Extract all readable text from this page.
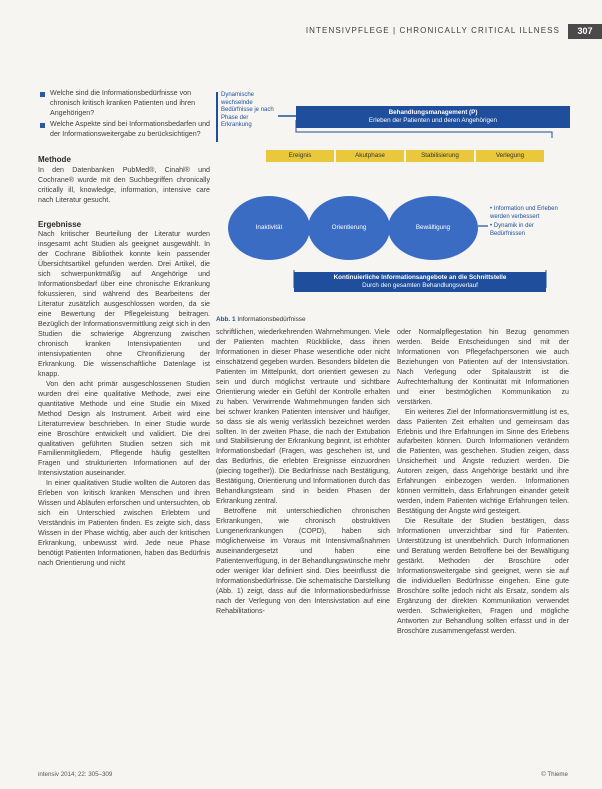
INTENSIVPFLEGE | CHRONICALLY CRITICAL ILLNESS	307
Welche sind die Informationsbedürfnisse von chronisch kritisch kranken Patienten und ihren Angehörigen?
Welche Aspekte sind bei Informationsbedarfen und der Informationsweitergabe zu berücksichtigen?
Methode

In den Datenbanken PubMed®, Cinahl® und Cochrane® wurde mit den Suchbegriffen chronically critically ill, knowledge, information, intensive care nach Literatur gesucht.

Ergebnisse

Nach kritischer Beurteilung der Literatur wurden insgesamt acht Studien als geeignet ausgewählt. In der Cochrane Bibliothek konnte kein passender Übersichtsartikel gefunden werden. Drei Artikel, die sich schwerpunktmäßig auf Angehörige und Informationsbedarf über eine chronische Erkrankung fokussieren, sind während des Bearbeitens der Literatur zusätzlich ausgeschlossen worden, da sie eine Bewertung der Pflegeleistung beitragen. Bezüglich der Informationsvermittlung zeigt sich in den Studien die schwierige Abgrenzung zwischen chronisch kranken Intensivpatienten und intensivpatienten ohne Chronifizierung der Erkrankung. Die wissenschaftliche Datenlage ist knapp.

Von den acht primär ausgeschlossenen Studien wurden drei eine qualitative Methode, zwei eine quantitative Methode und eine Studie ein Mixed Method Design als Instrument. Arbeit wird eine Literaturreview beschrieben. In einer Studie wurde eine Broschüre entwickelt und validiert. Die drei qualitativen geführten Studien setzen sich mit Familienmitgliedern, Pflegende häufig gestellten Fragen und strukturierten Informationen auf der Intensivstation auseinander.

In einer qualitativen Studie wollten die Autoren das Erleben von kritisch kranken Menschen und ihren Wissen und Abläufen erforschen und untersuchten, ob sich ein Unterschied zwischen Erlebtem und Verständnis im Patienten finden. Es zeigte sich, dass Wissen in der Phase wichtig, aber auch der kritischen Erkrankung, unbewusst wird. Jede neue Phase benötigt Patienten Informationen, haben das Bedürfnis nach Orientierung und nicht

Dynamische wechselnde Bedürfnisse je nach Phase der Erkrankung
Behandlungsmanagement (P)
Erleben der Patienten und deren Angehörigen
Ereignis	Akutphase	Stabilisierung	Verlegung
Inaktivität	Orientierung	Bewältigung
• Information und Erleben werden verbessert
• Dynamik in der Bedürfnissen
Kontinuierliche Informationsangebote an die Schnittstelle
Durch den gesamten Behandlungsverlauf
Abb. 1 Informationsbedürfnisse

schriftlichen, wiederkehrenden Wahrnehmungen. Viele der Patienten machten Rückblicke, dass ihnen Informationen in dieser Phase wesentliche oder nicht einschätzend gegeben wurden. Besonders bildeten die Patienten im Mittelpunkt, dort orientiert gewesen zu sein und durch möglichst vertraute und sichtbare Orientierung wieder ein Gefühl der Kontrolle erhalten zu haben. Verwirrende Wahrnehmungen fanden sich bei schwer kranken Patienten intensiver und häufiger, so dass sie als wenig verlässlich bezeichnet werden sollten. In der zweiten Phase, die nach der Extubation und Stabilisierung der Erkrankung beginnt, ist erhöhter Informationsbedarf (Fragen, was geschehen ist, und das Bedürfnis, die erlebten Ereignisse einzuordnen (piecing together)). Die Bedürfnisse nach Bestätigung, Bestätigung, Orientierung und Informationen durch das Behandlungsteam sind in beiden Phasen der Erkrankung zentral.

Betroffene mit unterschiedlichen chronischen Erkrankungen, wie chronisch obstruktiven Lungenerkrankungen (COPD), haben sich möglicherweise im Voraus mit Intensivmaßnahmen auseinandergesetzt und haben eine Patientenverfügung, in der Behandlungswünsche mehr oder weniger klar definiert sind. Dies beeinflusst die Informationsbedürfnisse. Die schematische Darstellung (Abb. 1) zeigt, dass auf die Informationsbedürfnisse nach der Verlegung von den Intensivstation auf eine Rehabilitations-

oder Normalpflegestation hin Bezug genommen werden. Beide Entscheidungen sind mit der Informationen von Pflegefachpersonen wie auch Beziehungen von Patienten auf der Intensivstation. Nach Verlegung oder Spitalaustritt ist die Aufrechterhaltung der Kontinuität mit Informationen und einer bestmöglichen Kommunikation zu verstärken.

Ein weiteres Ziel der Informationsvermittlung ist es, dass Patienten Zeit erhalten und gemeinsam das Erlebnis und Ihre Erfahrungen im Sinne des Erlebens aufarbeiten können. Durch Informationen verändern die Patienten, was geschehen. Studien zeigen, dass Unsicherheit und Ängste reduziert werden. Die Autoren zeigen, dass Angehörige bestärkt und ihre Erfahrungen einbezogen werden. Informationen können vermitteln, dass Erfahrungen einander geteilt werden, indem Patienten wichtige Erfahrungen teilen. Bestätigung der Ängste wird gesteigert.

Die Resultate der Studien bestätigen, dass Informationen unverzichtbar sind für Patienten. Unterstützung ist unentbehrlich. Durch Informationen und Beratung werden Betroffene bei der Bewältigung gestärkt. Methoden der Broschüre oder Informationsweitergabe sind geeignet, wenn sie auf die individuellen Bedürfnisse eingehen. Eine gute Broschüre sollte jedoch nicht als Ersatz, sondern als Ergänzung der direkten Kommunikation verwendet werden. Schwierigkeiten, Fragen und mögliche Antworten zur Behandlung sollten erfasst und in der Broschüre zusammengefasst werden.

intensiv 2014; 22: 305–309	© Thieme
